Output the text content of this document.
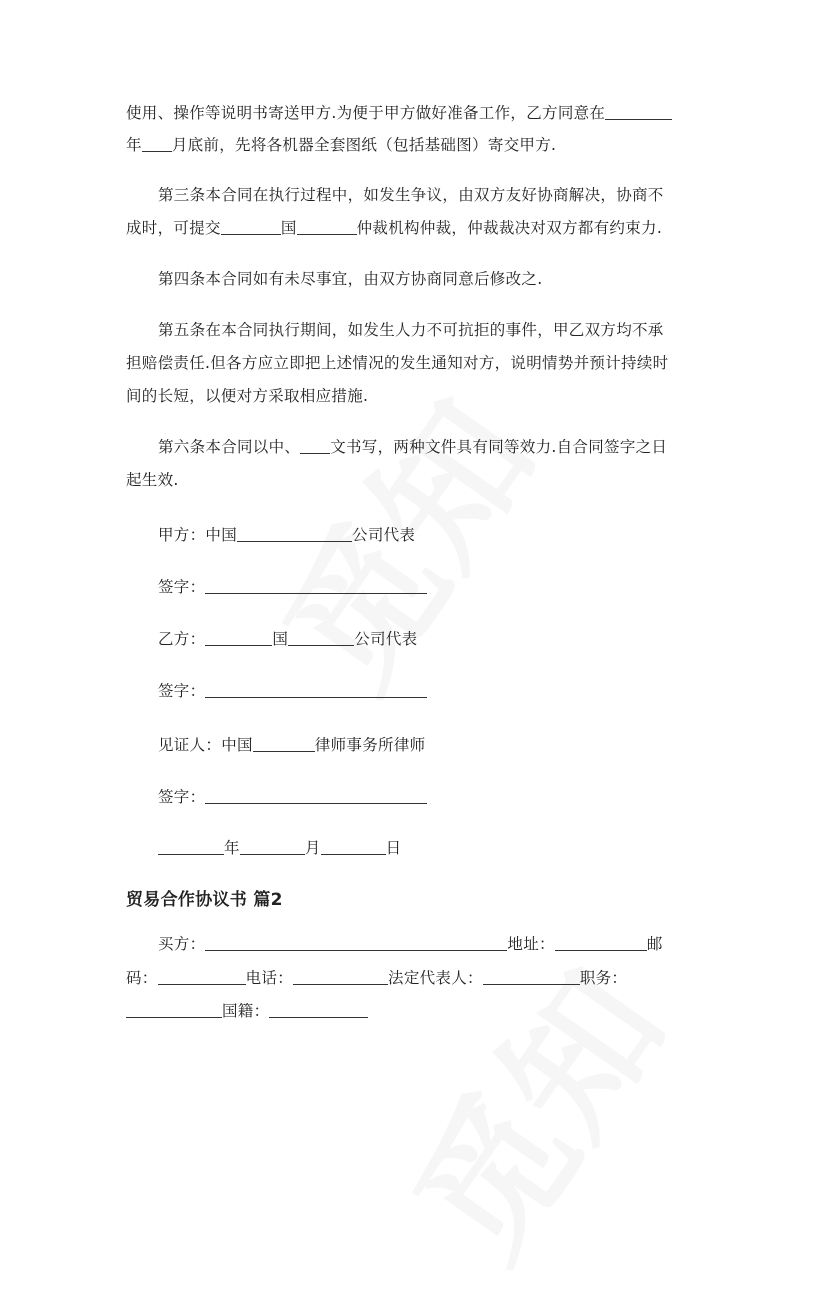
使用、操作等说明书寄送甲方.为便于甲方做好准备工作，乙方同意在
年 月底前，先将各机器全套图纸（包括基础图）寄交甲方.
第三条本合同在执行过程中，如发生争议，由双方友好协商解决，协商不
成时，可提交	国	仲裁机构仲裁，仲裁裁决对双方都有约束力.
第四条本合同如有未尽事宜，由双方协商同意后修改之.
第五条在本合同执行期间，如发生人力不可抗拒的事件，甲乙双方均不承
担赔偿责任.但各方应立即把上述情况的发生通知对方，说明情势并预计持续时
间的长短，以便对方采取相应措施.
第六条本合同以中、 文书写，两种文件具有同等效力.自合同签字之日
起生效.
甲方：中国	公司代表
签字：
乙方：	国	公司代表
签字：
见证人：中国	律师事务所律师
签字：
年	月	日
贸易合作协议书 篇2
买方：	地址：	邮
码：	电话：	法定代表人：	职务：
国籍：
